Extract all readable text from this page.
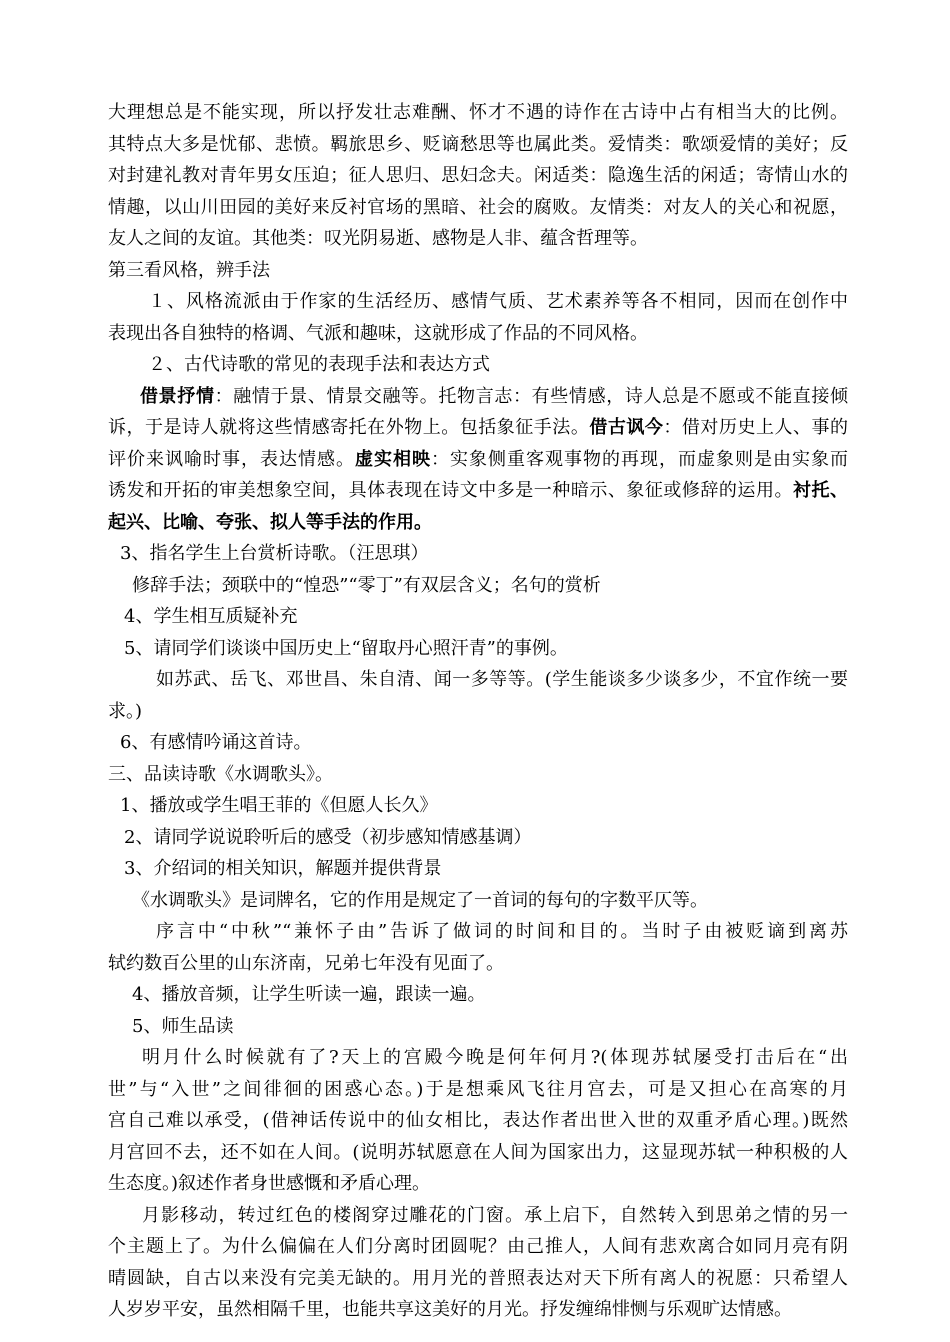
大理想总是不能实现，所以抒发壮志难酬、怀才不遇的诗作在古诗中占有相当大的比例。
其特点大多是忧郁、悲愤。羁旅思乡、贬谪愁思等也属此类。爱情类：歌颂爱情的美好；反
对封建礼教对青年男女压迫；征人思归、思妇念夫。闲适类：隐逸生活的闲适；寄情山水的
情趣，以山川田园的美好来反衬官场的黑暗、社会的腐败。友情类：对友人的关心和祝愿，
友人之间的友谊。其他类：叹光阴易逝、感物是人非、蕴含哲理等。
第三看风格，辨手法
１、风格流派由于作家的生活经历、感情气质、艺术素养等各不相同，因而在创作中
表现出各自独特的格调、气派和趣味，这就形成了作品的不同风格。
２、古代诗歌的常见的表现手法和表达方式
借景抒情：融情于景、情景交融等。托物言志：有些情感，诗人总是不愿或不能直接倾
诉，于是诗人就将这些情感寄托在外物上。包括象征手法。借古讽今：借对历史上人、事的
评价来讽喻时事，表达情感。虚实相映：实象侧重客观事物的再现，而虚象则是由实象而
诱发和开拓的审美想象空间，具体表现在诗文中多是一种暗示、象征或修辞的运用。衬托、
起兴、比喻、夸张、拟人等手法的作用。
3、指名学生上台赏析诗歌。（汪思琪）
修辞手法；颈联中的“惶恐”“零丁”有双层含义；名句的赏析
4、学生相互质疑补充
5、请同学们谈谈中国历史上“留取丹心照汗青”的事例。
如苏武、岳飞、邓世昌、朱自清、闻一多等等。(学生能谈多少谈多少，不宜作统一要
求。)
6、有感情吟诵这首诗。
三、品读诗歌《水调歌头》。
1、播放或学生唱王菲的《但愿人长久》
2、请同学说说聆听后的感受（初步感知情感基调）
3、介绍词的相关知识，解题并提供背景
《水调歌头》是词牌名，它的作用是规定了一首词的每句的字数平仄等。
序言中“中秋”“兼怀子由”告诉了做词的时间和目的。当时子由被贬谪到离苏
轼约数百公里的山东济南，兄弟七年没有见面了。
4、播放音频，让学生听读一遍，跟读一遍。
5、师生品读
明月什么时候就有了?天上的宫殿今晚是何年何月?(体现苏轼屡受打击后在“出
世”与“入世”之间徘徊的困惑心态。)于是想乘风飞往月宫去，可是又担心在高寒的月
宫自己难以承受，(借神话传说中的仙女相比，表达作者出世入世的双重矛盾心理。)既然
月宫回不去，还不如在人间。(说明苏轼愿意在人间为国家出力，这显现苏轼一种积极的人
生态度。)叙述作者身世感慨和矛盾心理。
月影移动，转过红色的楼阁穿过雕花的门窗。承上启下，自然转入到思弟之情的另一
个主题上了。为什么偏偏在人们分离时团圆呢？由己推人，人间有悲欢离合如同月亮有阴
晴圆缺，自古以来没有完美无缺的。用月光的普照表达对天下所有离人的祝愿：只希望人
人岁岁平安，虽然相隔千里，也能共享这美好的月光。抒发缠绵悱恻与乐观旷达情感。
